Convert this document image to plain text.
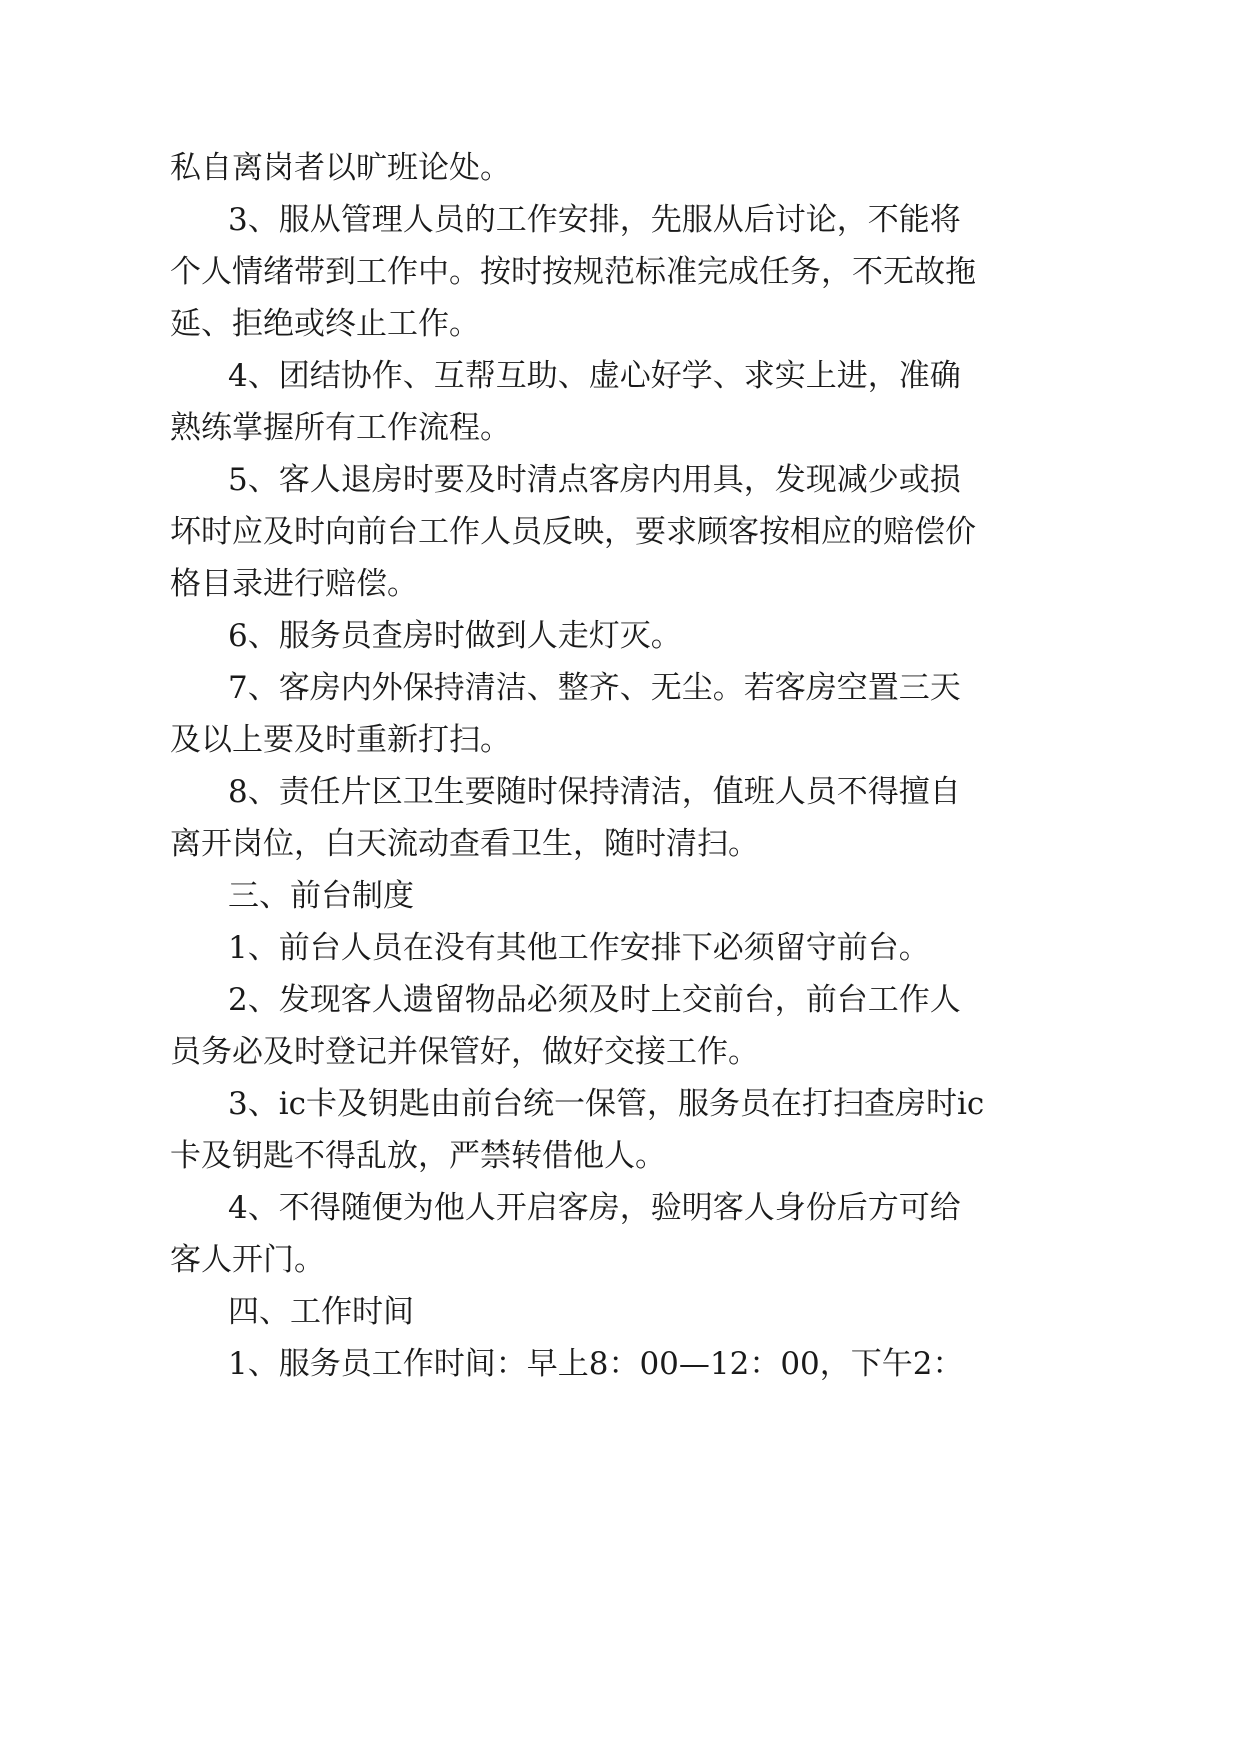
私自离岗者以旷班论处。
3、服从管理人员的工作安排，先服从后讨论，不能将
个人情绪带到工作中。按时按规范标准完成任务，不无故拖
延、拒绝或终止工作。
4、团结协作、互帮互助、虚心好学、求实上进，准确
熟练掌握所有工作流程。
5、客人退房时要及时清点客房内用具，发现减少或损
坏时应及时向前台工作人员反映，要求顾客按相应的赔偿价
格目录进行赔偿。
6、服务员查房时做到人走灯灭。
7、客房内外保持清洁、整齐、无尘。若客房空置三天
及以上要及时重新打扫。
8、责任片区卫生要随时保持清洁，值班人员不得擅自
离开岗位，白天流动查看卫生，随时清扫。
三、前台制度
1、前台人员在没有其他工作安排下必须留守前台。
2、发现客人遗留物品必须及时上交前台，前台工作人
员务必及时登记并保管好，做好交接工作。
3、ic卡及钥匙由前台统一保管，服务员在打扫查房时ic
卡及钥匙不得乱放，严禁转借他人。
4、不得随便为他人开启客房，验明客人身份后方可给
客人开门。
四、工作时间
1、服务员工作时间：早上8：00—12：00，下午2：
